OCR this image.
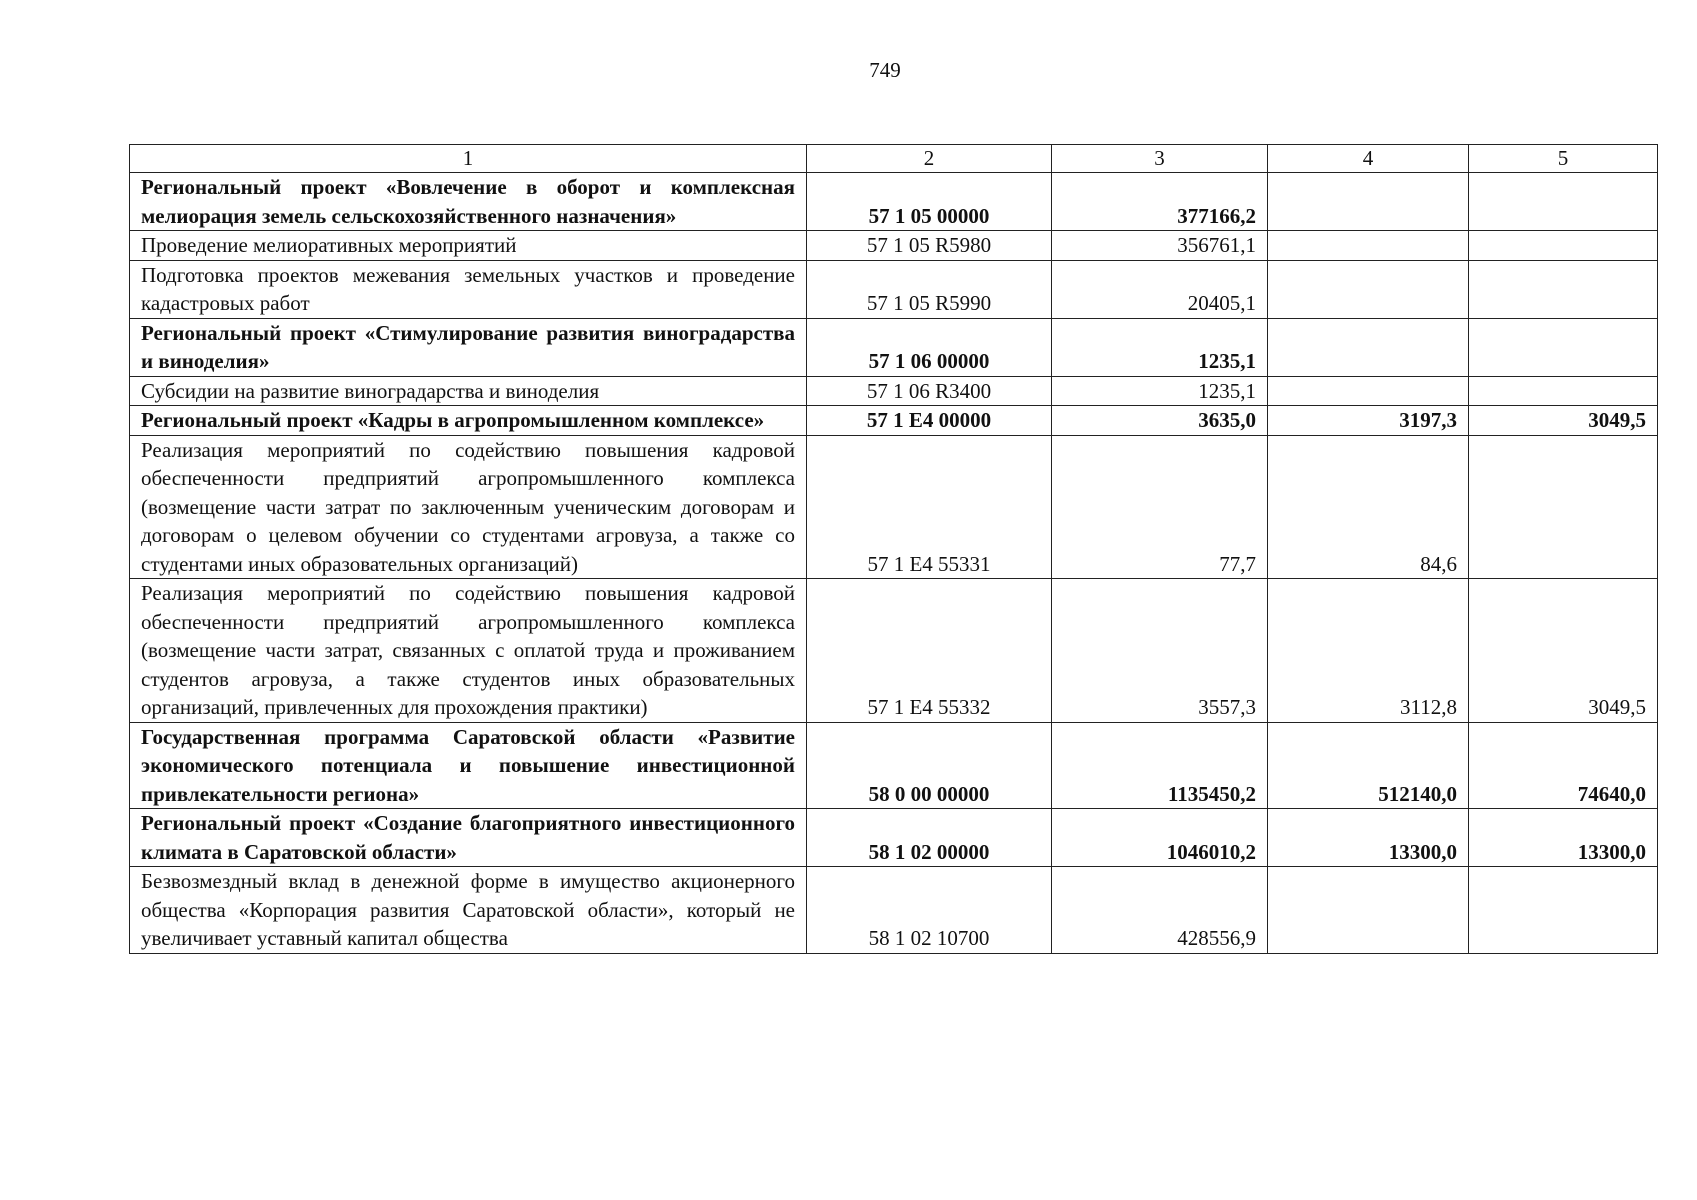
749
1	2	3	4	5
Региональный проект «Вовлечение в оборот и комплексная мелиорация земель сельскохозяйственного назначения»	57 1 05 00000	377166,2		
Проведение мелиоративных мероприятий	57 1 05 R5980	356761,1		
Подготовка проектов межевания земельных участков и проведение кадастровых работ	57 1 05 R5990	20405,1		
Региональный проект «Стимулирование развития виноградарства и виноделия»	57 1 06 00000	1235,1		
Субсидии на развитие виноградарства и виноделия	57 1 06 R3400	1235,1		
Региональный проект «Кадры в агропромышленном комплексе»	57 1 E4 00000	3635,0	3197,3	3049,5
Реализация мероприятий по содействию повышения кадровой обеспеченности предприятий агропромышленного комплекса (возмещение части затрат по заключенным ученическим договорам и договорам о целевом обучении со студентами агровуза, а также со студентами иных образовательных организаций)	57 1 E4 55331	77,7	84,6	
Реализация мероприятий по содействию повышения кадровой обеспеченности предприятий агропромышленного комплекса (возмещение части затрат, связанных с оплатой труда и проживанием студентов агровуза, а также студентов иных образовательных организаций, привлеченных для прохождения практики)	57 1 E4 55332	3557,3	3112,8	3049,5
Государственная программа Саратовской области «Развитие экономического потенциала и повышение инвестиционной привлекательности региона»	58 0 00 00000	1135450,2	512140,0	74640,0
Региональный проект «Создание благоприятного инвестиционного климата в Саратовской области»	58 1 02 00000	1046010,2	13300,0	13300,0
Безвозмездный вклад в денежной форме в имущество акционерного общества «Корпорация развития Саратовской области», который не увеличивает уставный капитал общества	58 1 02 10700	428556,9		
